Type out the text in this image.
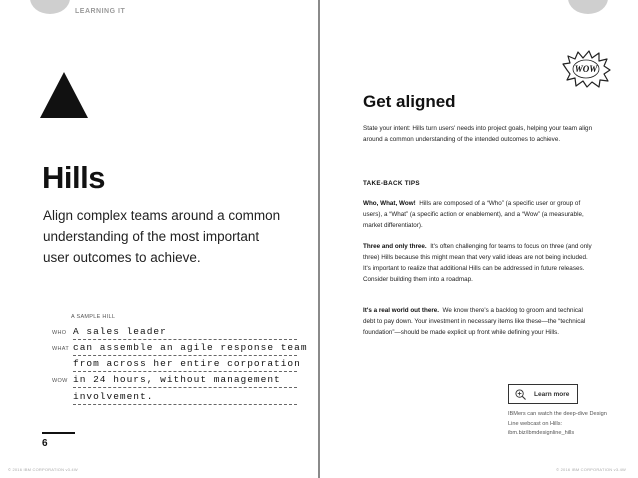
LEARNING IT
Hills
Align complex teams around a common understanding of the most important user outcomes to achieve.
A SAMPLE HILL
WHO A sales leader
WHAT can assemble an agile response team
from across her entire corporation
WOW in 24 hours, without management
involvement.
6
© 2016 IBM CORPORATION v3.4W
WOW
Get aligned
State your intent: Hills turn users' needs into project goals, helping your team align around a common understanding of the intended outcomes to achieve.
TAKE-BACK TIPS
Who, What, Wow! Hills are composed of a “Who” (a specific user or group of users), a “What” (a specific action or enablement), and a “Wow” (a measurable, market differentiator).
Three and only three. It's often challenging for teams to focus on three (and only three) Hills because this might mean that very valid ideas are not being included. It's important to realize that additional Hills can be addressed in future releases. Consider building them into a roadmap.
It's a real world out there. We know there's a backlog to groom and technical debt to pay down. Your investment in necessary items like these—the “technical foundation”—should be made explicit up front while defining your Hills.
Learn more
IBMers can watch the deep-dive Design Line webcast on Hills: ibm.biz/ibmdesignline_hills
© 2016 IBM CORPORATION v3.4W
